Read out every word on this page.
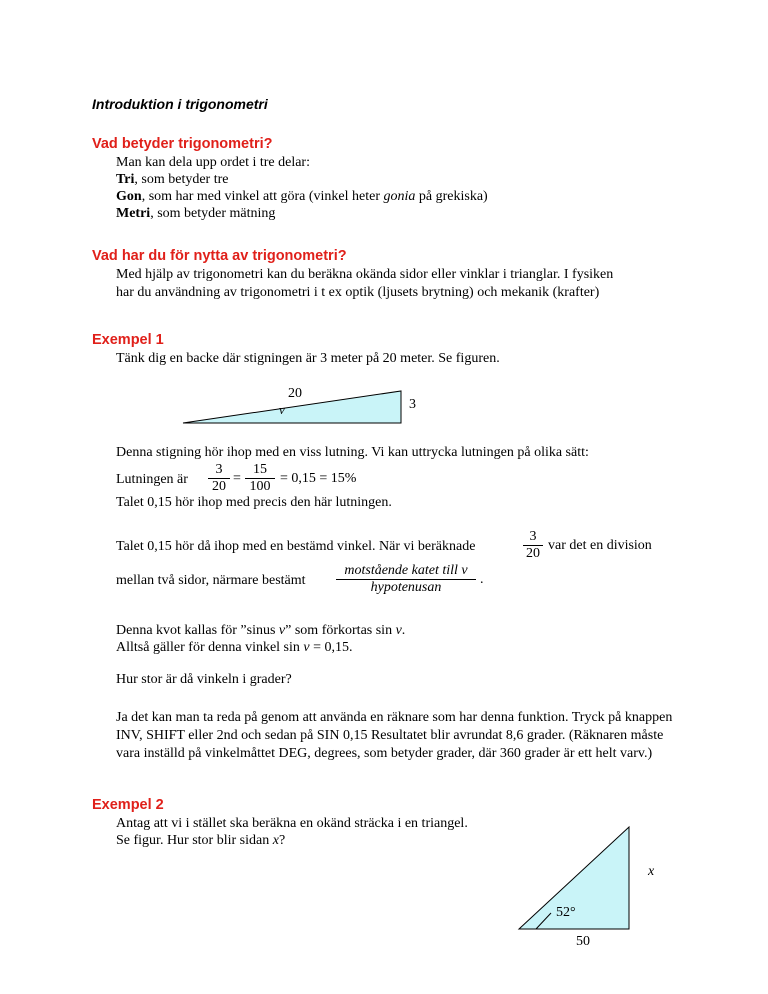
Introduktion i trigonometri
Vad betyder trigonometri?
Man kan dela upp ordet i tre delar:
Tri, som betyder tre
Gon, som har med vinkel att göra (vinkel heter gonia på grekiska)
Metri, som betyder mätning
Vad har du för nytta av trigonometri?
Med hjälp av trigonometri kan du beräkna okända sidor eller vinklar i trianglar. I fysiken
har du användning av trigonometri i t ex optik (ljusets brytning) och mekanik (krafter)
Exempel 1
Tänk dig en backe där stigningen är 3 meter på 20 meter. Se figuren.
20
v	3
Denna stigning hör ihop med en viss lutning. Vi kan uttrycka lutningen på olika sätt:
Lutningen är $\frac{3}{20} = \frac{15}{100} = 0,15 = 15\%$
Talet 0,15 hör ihop med precis den här lutningen.
Talet 0,15 hör då ihop med en bestämd vinkel. När vi beräknade	$\frac{3}{20}$ var det en division
mellan två sidor, närmare bestämt
motstående katet till v
hypotenusan
.
Denna kvot kallas för ”sinus v” som förkortas sin v.
Alltså gäller för denna vinkel sin v = 0,15.
Hur stor är då vinkeln i grader?
Ja det kan man ta reda på genom att använda en räknare som har denna funktion. Tryck på knappen INV, SHIFT eller 2nd och sedan på SIN 0,15 Resultatet blir avrundat 8,6 grader. (Räknaren måste vara inställd på vinkelmåttet DEG, degrees, som betyder grader, där 360 grader är ett helt varv.)
Exempel 2
Antag att vi i stället ska beräkna en okänd sträcka i en triangel.
Se figur. Hur stor blir sidan x?
x
52°
50
